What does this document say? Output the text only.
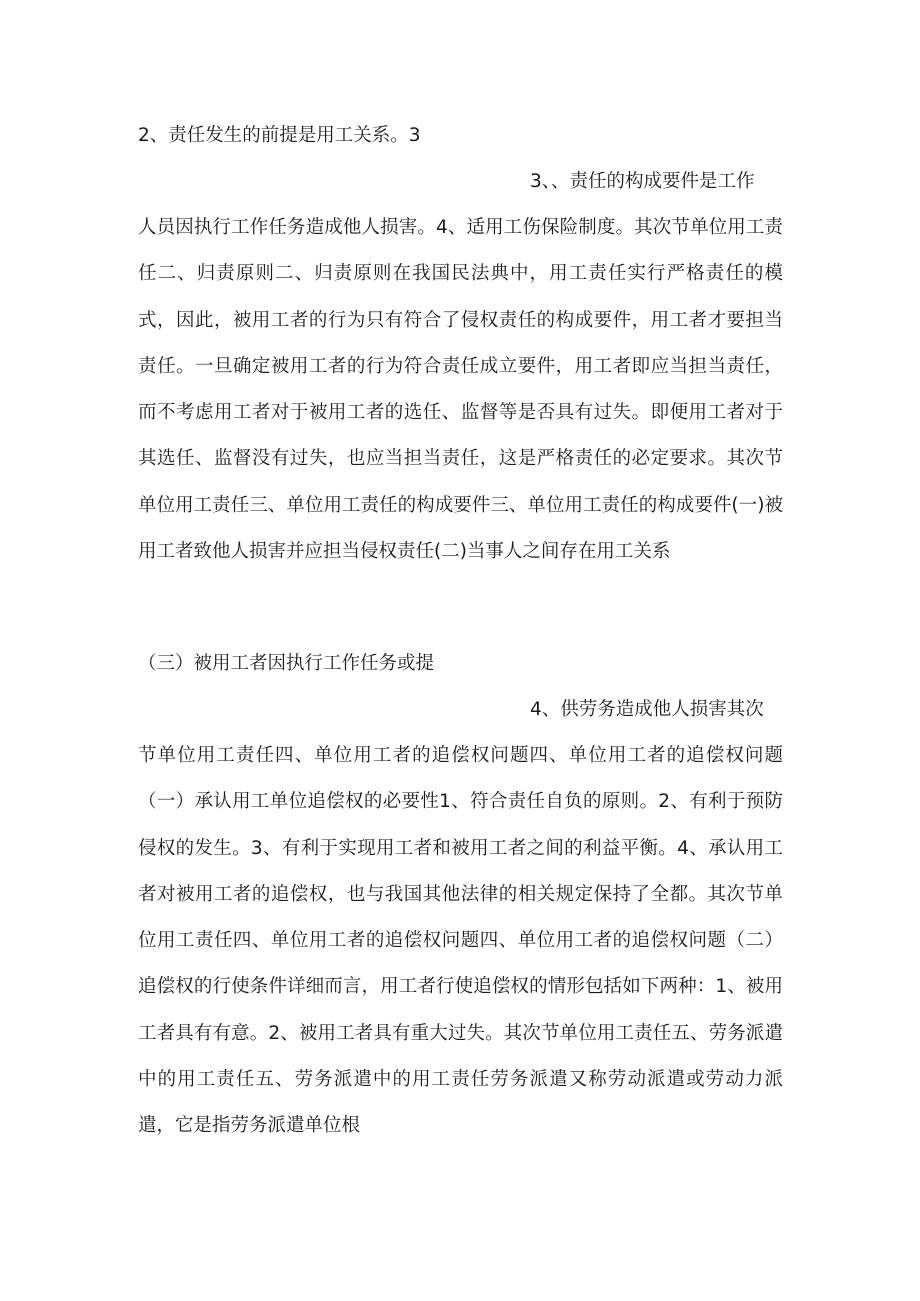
2、责任发生的前提是用工关系。3

3、、责任的构成要件是工作

人员因执行工作任务造成他人损害。4、适用工伤保险制度。其次节单位用工责任二、归责原则二、归责原则在我国民法典中，用工责任实行严格责任的模式，因此，被用工者的行为只有符合了侵权责任的构成要件，用工者才要担当责任。一旦确定被用工者的行为符合责任成立要件，用工者即应当担当责任，而不考虑用工者对于被用工者的选任、监督等是否具有过失。即便用工者对于其选任、监督没有过失，也应当担当责任，这是严格责任的必定要求。其次节单位用工责任三、单位用工责任的构成要件三、单位用工责任的构成要件(一)被用工者致他人损害并应担当侵权责任(二)当事人之间存在用工关系

（三）被用工者因执行工作任务或提

4、供劳务造成他人损害其次

节单位用工责任四、单位用工者的追偿权问题四、单位用工者的追偿权问题（一）承认用工单位追偿权的必要性1、符合责任自负的原则。2、有利于预防侵权的发生。3、有利于实现用工者和被用工者之间的利益平衡。4、承认用工者对被用工者的追偿权，也与我国其他法律的相关规定保持了全都。其次节单位用工责任四、单位用工者的追偿权问题四、单位用工者的追偿权问题（二）追偿权的行使条件详细而言，用工者行使追偿权的情形包括如下两种：1、被用工者具有有意。2、被用工者具有重大过失。其次节单位用工责任五、劳务派遣中的用工责任五、劳务派遣中的用工责任劳务派遣又称劳动派遣或劳动力派遣，它是指劳务派遣单位根
